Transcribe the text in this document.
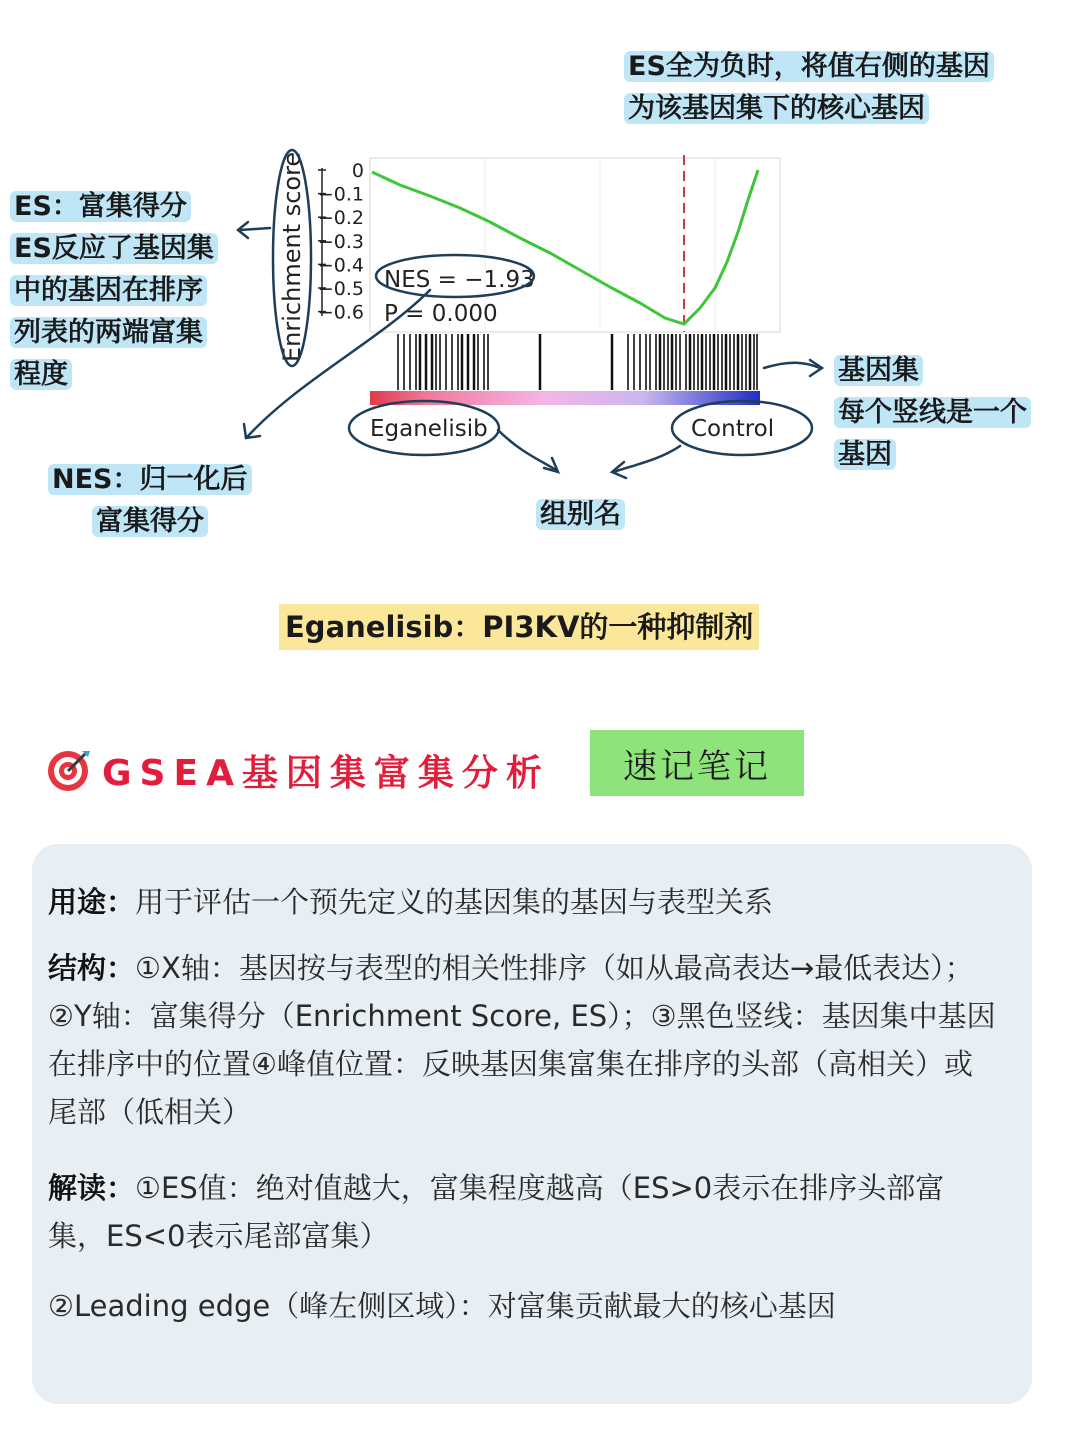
0
−0.1
−0.2
−0.3
−0.4
−0.5
−0.6
Enrichment score	NES = −1.93
P = 0.000
Eganelisib	Control
ES全为负时，将值右侧的基因
为该基因集下的核心基因
ES：富集得分
ES反应了基因集
中的基因在排序
列表的两端富集
程度
NES：归一化后
富集得分
基因集
每个竖线是一个
基因
组别名
Eganelisib：PI3KV的一种抑制剂
GSEA基因集富集分析	速记笔记

用途：用于评估一个预先定义的基因集的基因与表型关系

结构：①X轴：基因按与表型的相关性排序（如从最高表达→最低表达）；②Y轴：富集得分（Enrichment Score, ES）；③黑色竖线：基因集中基因在排序中的位置④峰值位置：反映基因集富集在排序的头部（高相关）或尾部（低相关）

解读：①ES值：绝对值越大，富集程度越高（ES>0表示在排序头部富集，ES<0表示尾部富集）

②Leading edge（峰左侧区域）：对富集贡献最大的核心基因
